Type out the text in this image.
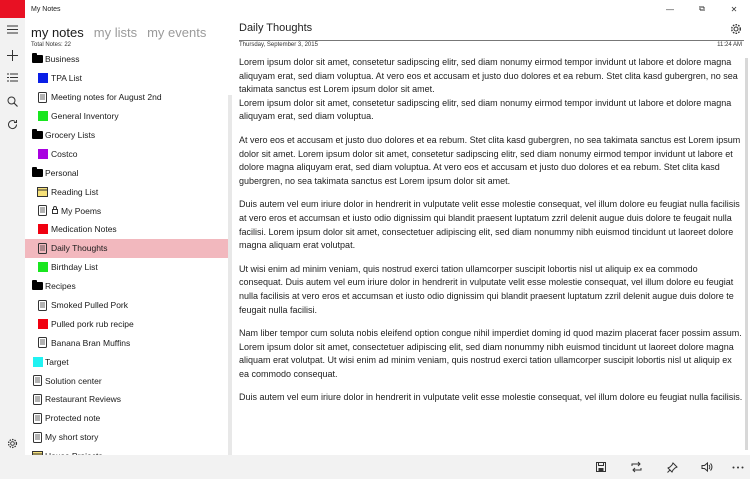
My Notes	—	⧉	✕
my notes my lists my events
Total Notes: 22
Business
TPA List
Meeting notes for August 2nd
General Inventory
Grocery Lists
Costco
Personal
Reading List
My Poems
Medication Notes
Daily Thoughts
Birthday List
Recipes
Smoked Pulled Pork
Pulled pork rub recipe
Banana Bran Muffins
Target
Solution center
Restaurant Reviews
Protected note
My short story
Daily Thoughts
Thursday, September 3, 2015	11:24 AM

Lorem ipsum dolor sit amet, consetetur sadipscing elitr, sed diam nonumy eirmod tempor invidunt ut labore et dolore magna aliquyam erat, sed diam voluptua. At vero eos et accusam et justo duo dolores et ea rebum. Stet clita kasd gubergren, no sea takimata sanctus est Lorem ipsum dolor sit amet.

Lorem ipsum dolor sit amet, consetetur sadipscing elitr, sed diam nonumy eirmod tempor invidunt ut labore et dolore magna aliquyam erat, sed diam voluptua.

At vero eos et accusam et justo duo dolores et ea rebum. Stet clita kasd gubergren, no sea takimata sanctus est Lorem ipsum dolor sit amet. Lorem ipsum dolor sit amet, consetetur sadipscing elitr, sed diam nonumy eirmod tempor invidunt ut labore et dolore magna aliquyam erat, sed diam voluptua. At vero eos et accusam et justo duo dolores et ea rebum. Stet clita kasd gubergren, no sea takimata sanctus est Lorem ipsum dolor sit amet.

Duis autem vel eum iriure dolor in hendrerit in vulputate velit esse molestie consequat, vel illum dolore eu feugiat nulla facilisis at vero eros et accumsan et iusto odio dignissim qui blandit praesent luptatum zzril delenit augue duis dolore te feugait nulla facilisi. Lorem ipsum dolor sit amet, consectetuer adipiscing elit, sed diam nonummy nibh euismod tincidunt ut laoreet dolore magna aliquam erat volutpat.

Ut wisi enim ad minim veniam, quis nostrud exerci tation ullamcorper suscipit lobortis nisl ut aliquip ex ea commodo consequat. Duis autem vel eum iriure dolor in hendrerit in vulputate velit esse molestie consequat, vel illum dolore eu feugiat nulla facilisis at vero eros et accumsan et iusto odio dignissim qui blandit praesent luptatum zzril delenit augue duis dolore te feugait nulla facilisi.

Nam liber tempor cum soluta nobis eleifend option congue nihil imperdiet doming id quod mazim placerat facer possim assum. Lorem ipsum dolor sit amet, consectetuer adipiscing elit, sed diam nonummy nibh euismod tincidunt ut laoreet dolore magna aliquam erat volutpat. Ut wisi enim ad minim veniam, quis nostrud exerci tation ullamcorper suscipit lobortis nisl ut aliquip ex ea commodo consequat.

Duis autem vel eum iriure dolor in hendrerit in vulputate velit esse molestie consequat, vel illum dolore eu feugiat nulla facilisis.
